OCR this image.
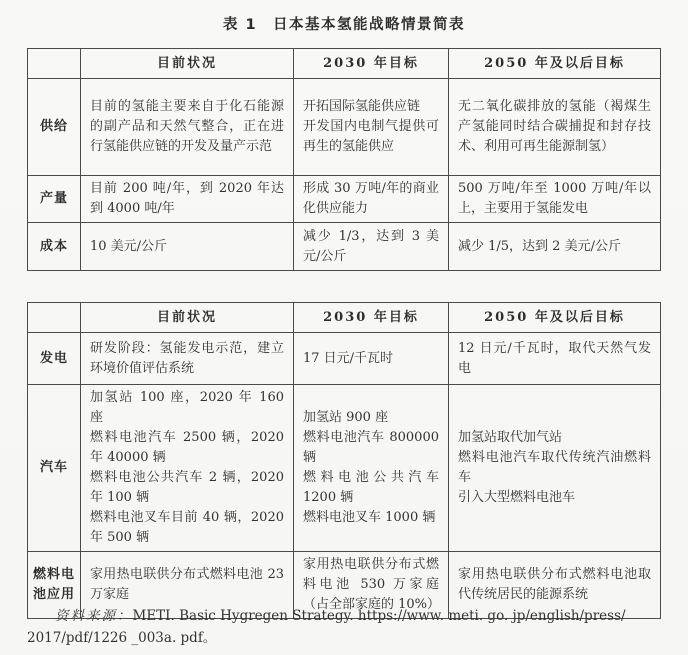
表 1　日本基本氢能战略情景简表
	目前状况	2030 年目标	2050 年及以后目标
供给	目前的氢能主要来自于化石能源的副产品和天然气整合，正在进行氢能供应链的开发及量产示范	开拓国际氢能供应链
开发国内电制气提供可再生的氢能供应	无二氧化碳排放的氢能（褐煤生产氢能同时结合碳捕捉和封存技术、利用可再生能源制氢）

产量	目前 200 吨/年，到 2020 年达到 4000 吨/年	形成 30 万吨/年的商业化供应能力	500 万吨/年至 1000 万吨/年以上，主要用于氢能发电

成本	10 美元/公斤	减少 1/3，达到 3 美元/公斤	减少 1/5，达到 2 美元/公斤
	目前状况	2030 年目标	2050 年及以后目标
发电	研发阶段：氢能发电示范，建立环境价值评估系统	17 日元/千瓦时	12 日元/千瓦时，取代天然气发电

汽车	加氢站 100 座，2020 年 160 座
燃料电池汽车 2500 辆，2020 年 40000 辆
燃料电池公共汽车 2 辆，2020 年 100 辆
燃料电池叉车目前 40 辆，2020 年 500 辆	加氢站 900 座
燃料电池汽车 800000 辆
燃料电池公共汽车 1200 辆
燃料电池叉车 1000 辆	加氢站取代加气站
燃料电池汽车取代传统汽油燃料车
引入大型燃料电池车

燃料电池应用	家用热电联供分布式燃料电池 23 万家庭	家用热电联供分布式燃料电池 530 万家庭（占全部家庭的 10%）	家用热电联供分布式燃料电池取代传统居民的能源系统
资料来源：METI. Basic Hygregen Strategy. https://www. meti. go. jp/english/press/
2017/pdf/1226 _003a. pdf。
